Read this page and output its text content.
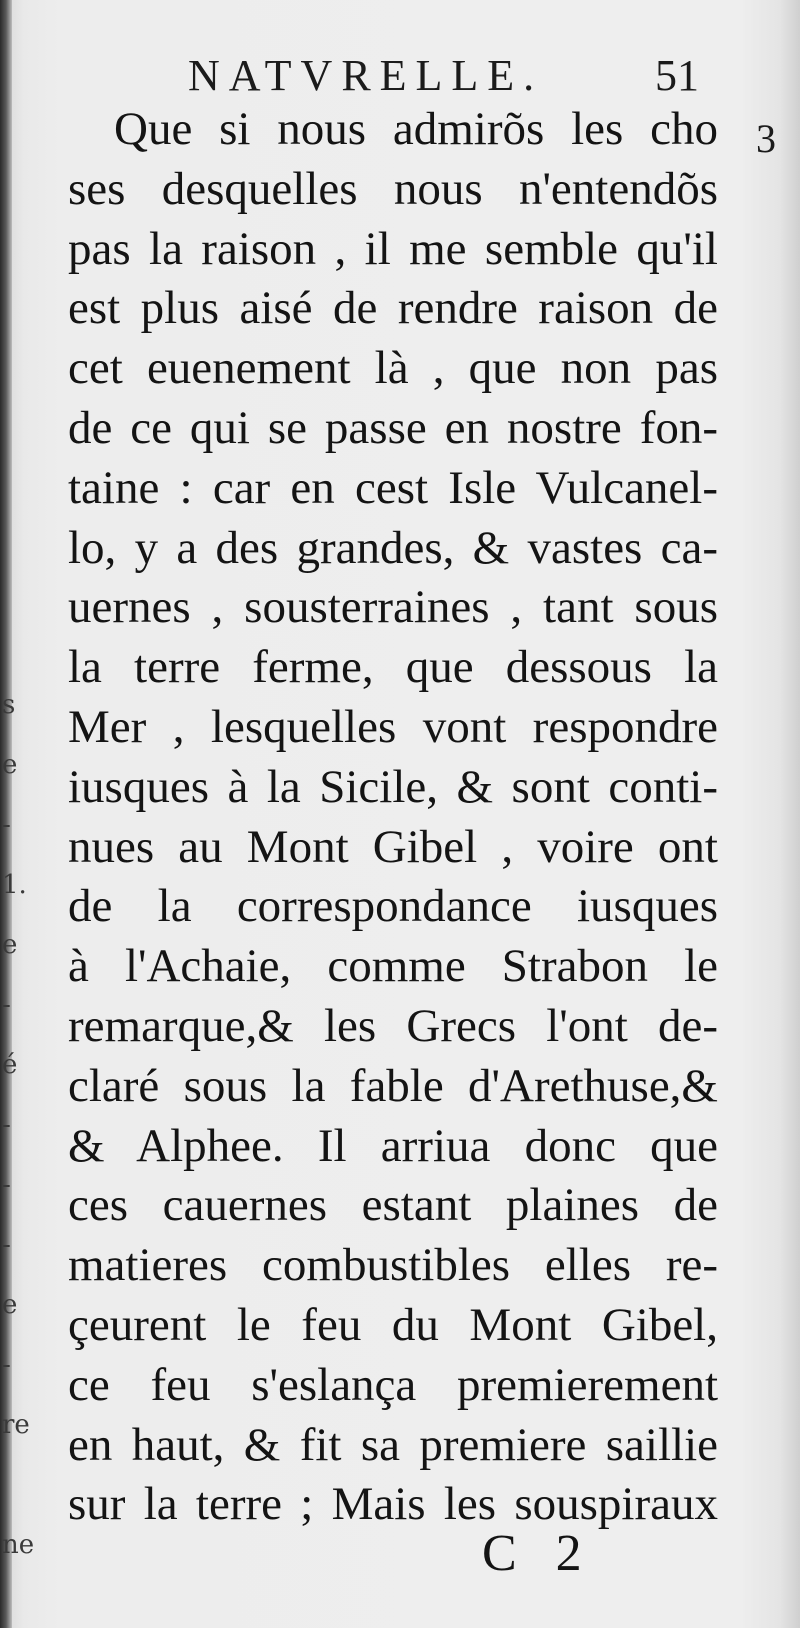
s
e
-
1.
e
-
é
-
-
-
e
-
re
ne
NATVRELLE.	51
3
Que si nous admirõs les cho
ses desquelles nous n'entendõs
pas la raison , il me semble qu'il
est plus aisé de rendre raison de
cet euenement là , que non pas
de ce qui se passe en nostre fon-
taine : car en cest Isle Vulcanel-
lo, y a des grandes, & vastes ca-
uernes , sousterraines , tant sous
la terre ferme, que dessous la
Mer , lesquelles vont respondre
iusques à la Sicile, & sont conti-
nues au Mont Gibel , voire ont
de la correspondance iusques
à l'Achaie, comme Strabon le
remarque,& les Grecs l'ont de-
claré sous la fable d'Arethuse,&
& Alphee. Il arriua donc que
ces cauernes estant plaines de
matieres combustibles elles re-
çeurent le feu du Mont Gibel,
ce feu s'eslança premierement
en haut, & fit sa premiere saillie
sur la terre ; Mais les souspiraux
C 2
